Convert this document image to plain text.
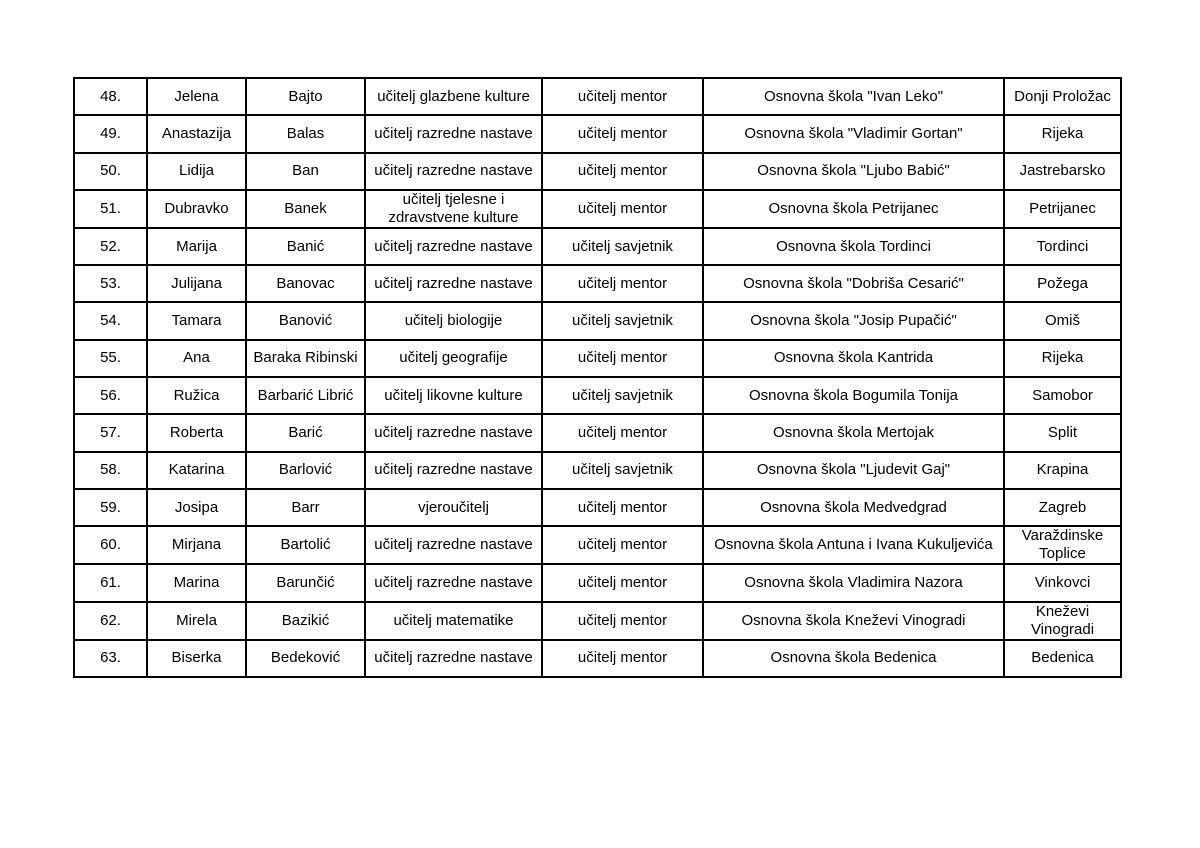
48.	Jelena	Bajto	učitelj glazbene kulture	učitelj mentor	Osnovna škola "Ivan Leko"	Donji Proložac
49.	Anastazija	Balas	učitelj razredne nastave	učitelj mentor	Osnovna škola "Vladimir Gortan"	Rijeka
50.	Lidija	Ban	učitelj razredne nastave	učitelj mentor	Osnovna škola "Ljubo Babić"	Jastrebarsko
51.	Dubravko	Banek	učitelj tjelesne i zdravstvene kulture	učitelj mentor	Osnovna škola Petrijanec	Petrijanec
52.	Marija	Banić	učitelj razredne nastave	učitelj savjetnik	Osnovna škola Tordinci	Tordinci
53.	Julijana	Banovac	učitelj razredne nastave	učitelj mentor	Osnovna škola "Dobriša Cesarić"	Požega
54.	Tamara	Banović	učitelj biologije	učitelj savjetnik	Osnovna škola "Josip Pupačić"	Omiš
55.	Ana	Baraka Ribinski	učitelj geografije	učitelj mentor	Osnovna škola Kantrida	Rijeka
56.	Ružica	Barbarić Librić	učitelj likovne kulture	učitelj savjetnik	Osnovna škola Bogumila Tonija	Samobor
57.	Roberta	Barić	učitelj razredne nastave	učitelj mentor	Osnovna škola Mertojak	Split
58.	Katarina	Barlović	učitelj razredne nastave	učitelj savjetnik	Osnovna škola "Ljudevit Gaj"	Krapina
59.	Josipa	Barr	vjeroučitelj	učitelj mentor	Osnovna škola Medvedgrad	Zagreb
60.	Mirjana	Bartolić	učitelj razredne nastave	učitelj mentor	Osnovna škola Antuna i Ivana Kukuljevića	Varaždinske Toplice
61.	Marina	Barunčić	učitelj razredne nastave	učitelj mentor	Osnovna škola Vladimira Nazora	Vinkovci
62.	Mirela	Bazikić	učitelj matematike	učitelj mentor	Osnovna škola Kneževi Vinogradi	Kneževi Vinogradi
63.	Biserka	Bedeković	učitelj razredne nastave	učitelj mentor	Osnovna škola Bedenica	Bedenica
